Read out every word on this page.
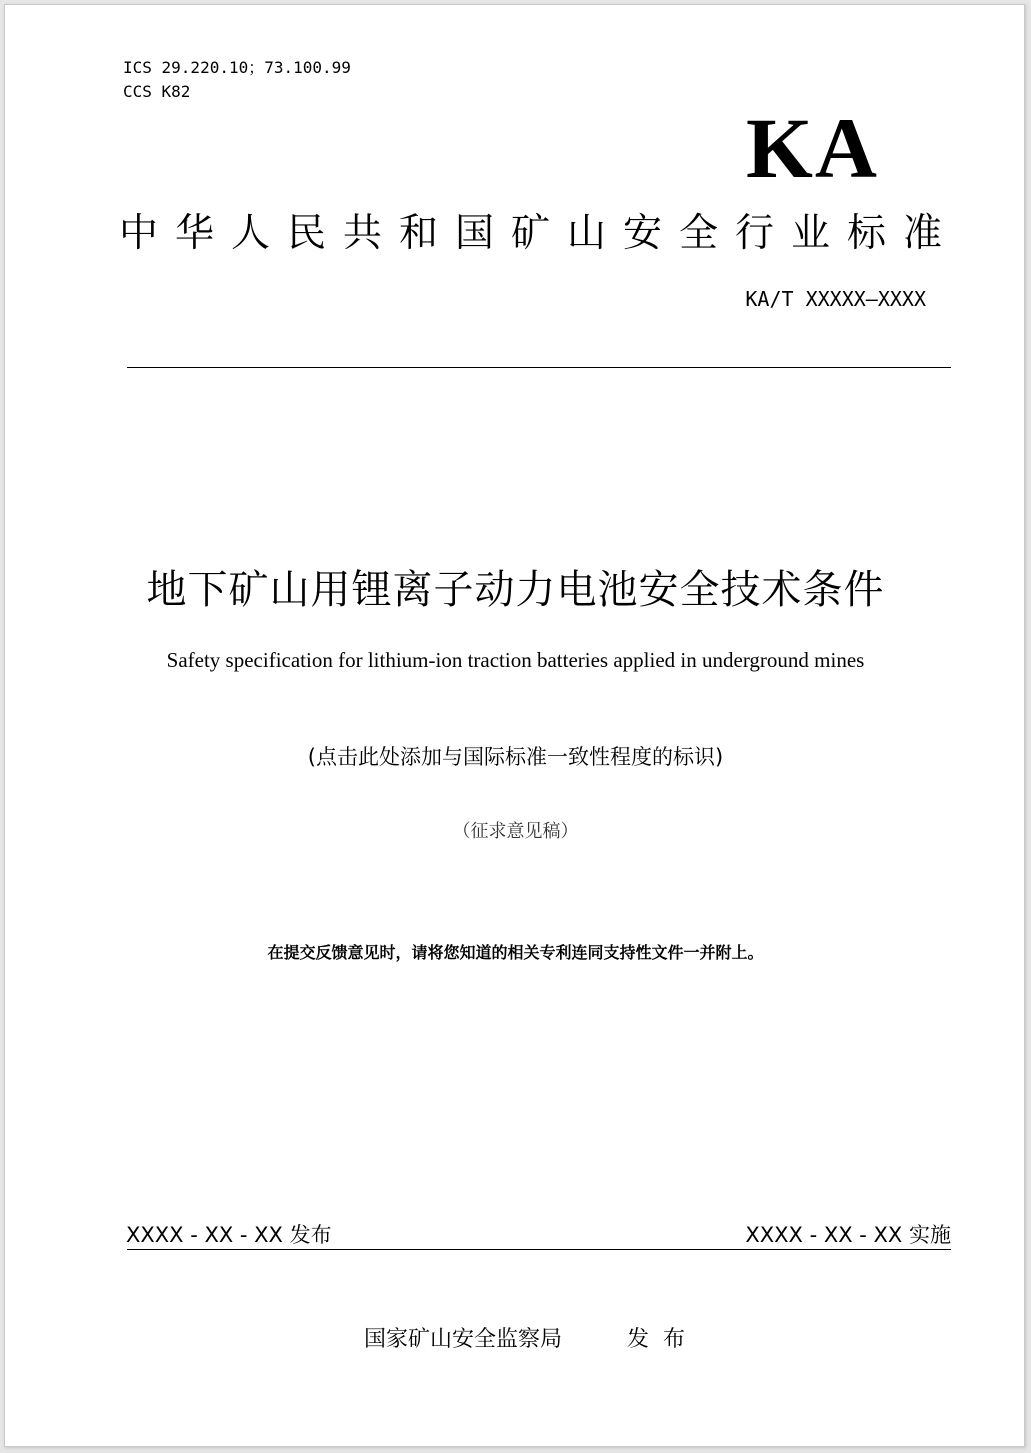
ICS 29.220.10；73.100.99
CCS K82
KA
中华人民共和国矿山安全行业标准
KA/T XXXXX—XXXX
地下矿山用锂离子动力电池安全技术条件
Safety specification for lithium-ion traction batteries applied in underground mines
(点击此处添加与国际标准一致性程度的标识)
（征求意见稿）
在提交反馈意见时，请将您知道的相关专利连同支持性文件一并附上。
XXXX - XX - XX 发布	XXXX - XX - XX 实施
国家矿山安全监察局	发布
